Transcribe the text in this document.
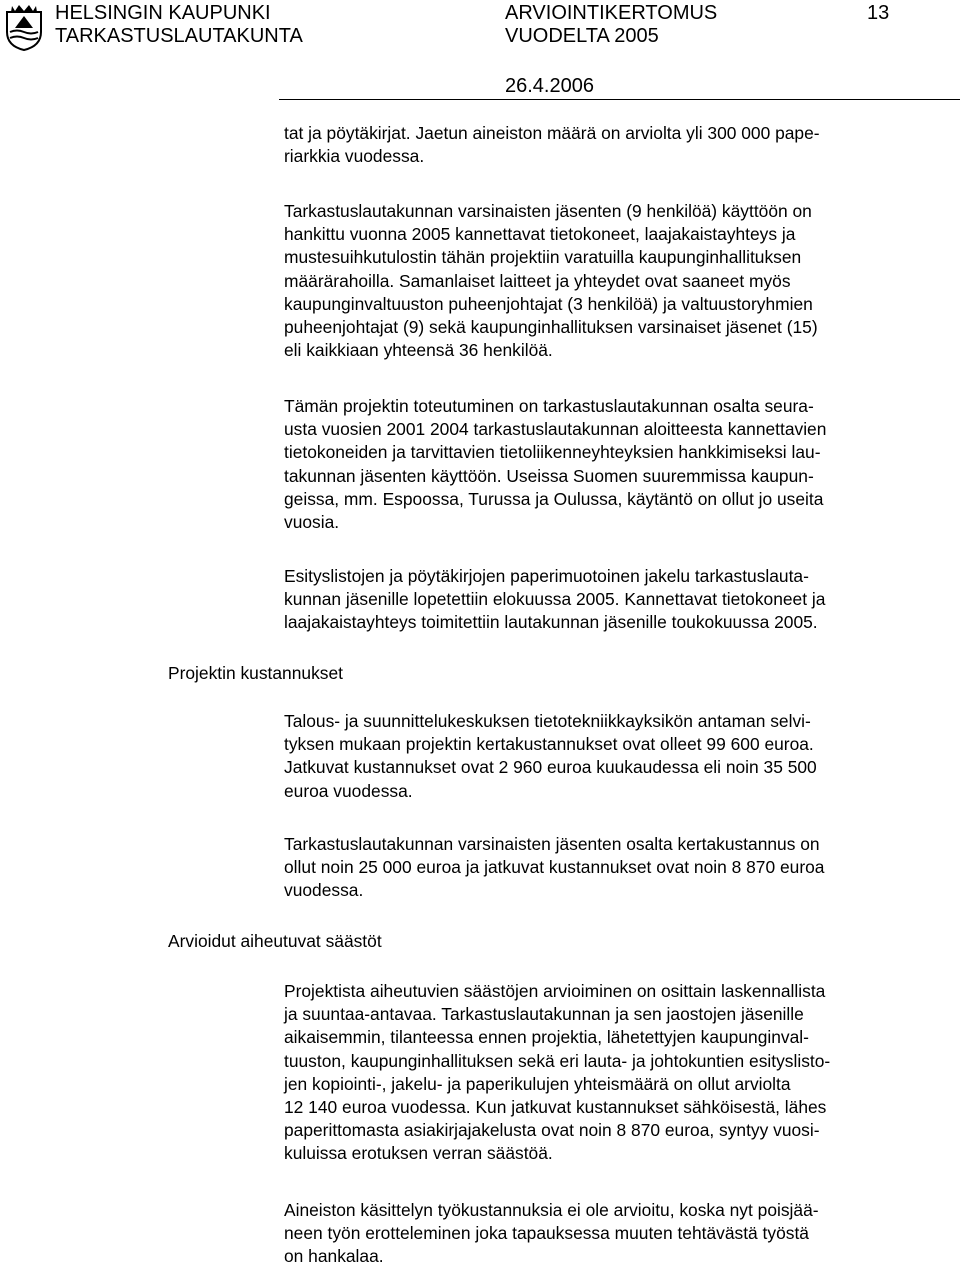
HELSINGIN KAUPUNKI
TARKASTUSLAUTAKUNTA
ARVIOINTIKERTOMUS
VUODELTA 2005
13
26.4.2006
Projektin kustannukset
Arvioidut aiheutuvat säästöt
tat ja pöytäkirjat. Jaetun aineiston määrä on arviolta yli 300 000 pape-
riarkkia vuodessa.
Tarkastuslautakunnan varsinaisten jäsenten (9 henkilöä) käyttöön on
hankittu vuonna 2005 kannettavat tietokoneet, laajakaistayhteys ja
mustesuihkutulostin tähän projektiin varatuilla kaupunginhallituksen
määrärahoilla. Samanlaiset laitteet ja yhteydet ovat saaneet myös
kaupunginvaltuuston puheenjohtajat (3 henkilöä) ja valtuustoryhmien
puheenjohtajat (9) sekä kaupunginhallituksen varsinaiset jäsenet (15)
eli kaikkiaan yhteensä 36 henkilöä.
Tämän projektin toteutuminen on tarkastuslautakunnan osalta seura-
usta vuosien 2001 2004 tarkastuslautakunnan aloitteesta kannettavien
tietokoneiden ja tarvittavien tietoliikenneyhteyksien hankkimiseksi lau-
takunnan jäsenten käyttöön. Useissa Suomen suuremmissa kaupun-
geissa, mm. Espoossa, Turussa ja Oulussa, käytäntö on ollut jo useita
vuosia.
Esityslistojen ja pöytäkirjojen paperimuotoinen jakelu tarkastuslauta-
kunnan jäsenille lopetettiin elokuussa 2005. Kannettavat tietokoneet ja
laajakaistayhteys toimitettiin lautakunnan jäsenille toukokuussa 2005.
Talous- ja suunnittelukeskuksen tietotekniikkayksikön antaman selvi-
tyksen mukaan projektin kertakustannukset ovat olleet 99 600 euroa.
Jatkuvat kustannukset ovat 2 960 euroa kuukaudessa eli noin 35 500
euroa vuodessa.
Tarkastuslautakunnan varsinaisten jäsenten osalta kertakustannus on
ollut noin 25 000 euroa ja jatkuvat kustannukset ovat noin 8 870 euroa
vuodessa.
Projektista aiheutuvien säästöjen arvioiminen on osittain laskennallista
ja suuntaa-antavaa. Tarkastuslautakunnan ja sen jaostojen jäsenille
aikaisemmin, tilanteessa ennen projektia, lähetettyjen kaupunginval-
tuuston, kaupunginhallituksen sekä eri lauta- ja johtokuntien esityslisto-
jen kopiointi-, jakelu- ja paperikulujen yhteismäärä on ollut arviolta
12 140 euroa vuodessa. Kun jatkuvat kustannukset sähköisestä, lähes
paperittomasta asiakirjajakelusta ovat noin 8 870 euroa, syntyy vuosi-
kuluissa erotuksen verran säästöä.
Aineiston käsittelyn työkustannuksia ei ole arvioitu, koska nyt poisjää-
neen työn erotteleminen joka tapauksessa muuten tehtävästä työstä
on hankalaa.
